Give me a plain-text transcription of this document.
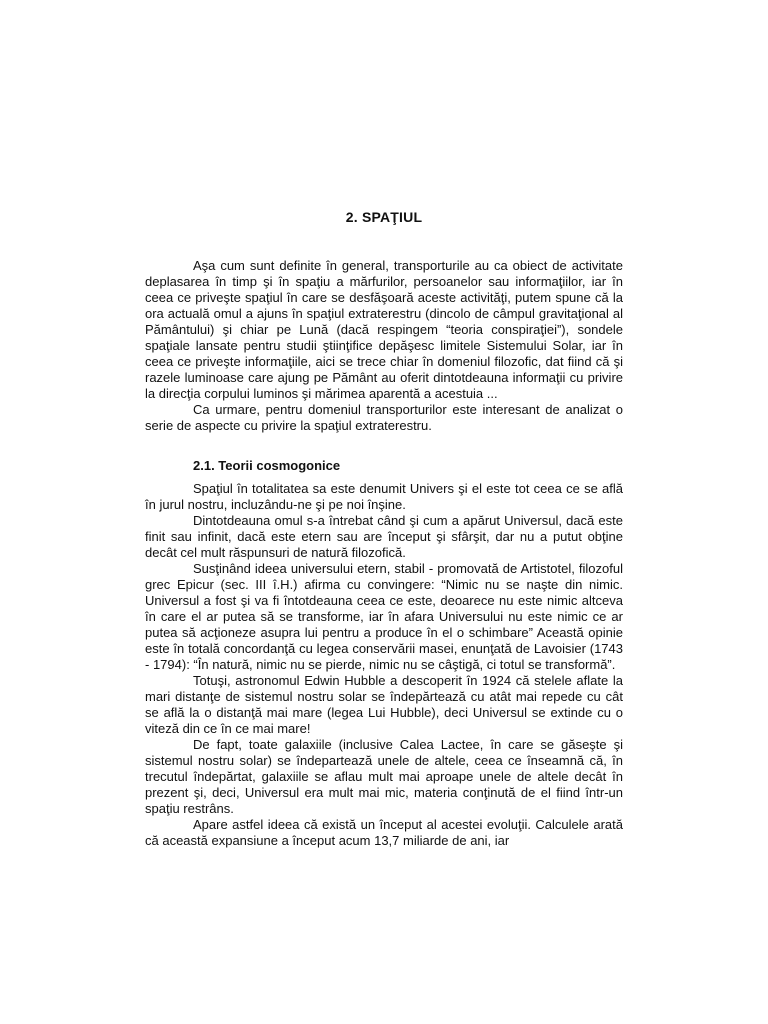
2. SPAŢIUL

Aşa cum sunt definite în general, transporturile au ca obiect de activitate deplasarea în timp şi în spaţiu a mărfurilor, persoanelor sau informaţiilor, iar în ceea ce priveşte spaţiul în care se desfăşoară aceste activităţi, putem spune că la ora actuală omul a ajuns în spaţiul extraterestru (dincolo de câmpul gravitaţional al Pământului) şi chiar pe Lună (dacă respingem “teoria conspiraţiei”), sondele spaţiale lansate pentru studii ştiinţifice depăşesc limitele Sistemului Solar, iar în ceea ce priveşte informaţiile, aici se trece chiar în domeniul filozofic, dat fiind că şi razele luminoase care ajung pe Pământ au oferit dintotdeauna informaţii cu privire la direcţia corpului luminos şi mărimea aparentă a acestuia ...

Ca urmare, pentru domeniul transporturilor este interesant de analizat o serie de aspecte cu privire la spaţiul extraterestru.

2.1. Teorii cosmogonice

Spaţiul în totalitatea sa este denumit Univers şi el este tot ceea ce se află în jurul nostru, incluzându-ne şi pe noi înşine.

Dintotdeauna omul s-a întrebat când şi cum a apărut Universul, dacă este finit sau infinit, dacă este etern sau are început şi sfârşit, dar nu a putut obţine decât cel mult răspunsuri de natură filozofică.

Susţinând ideea universului etern, stabil - promovată de Artistotel, filozoful grec Epicur (sec. III î.H.) afirma cu convingere: “Nimic nu se naşte din nimic. Universul a fost şi va fi întotdeauna ceea ce este, deoarece nu este nimic altceva în care el ar putea să se transforme, iar în afara Universului nu este nimic ce ar putea să acţioneze asupra lui pentru a produce în el o schimbare” Această opinie este în totală concordanţă cu legea conservării masei, enunţată de Lavoisier (1743 - 1794): “În natură, nimic nu se pierde, nimic nu se câştigă, ci totul se transformă”.

Totuşi, astronomul Edwin Hubble a descoperit în 1924 că stelele aflate la mari distanţe de sistemul nostru solar se îndepărtează cu atât mai repede cu cât se află la o distanţă mai mare (legea Lui Hubble), deci Universul se extinde cu o viteză din ce în ce mai mare!

De fapt, toate galaxiile (inclusive Calea Lactee, în care se găseşte şi sistemul nostru solar) se îndepartează unele de altele, ceea ce înseamnă că, în trecutul îndepărtat, galaxiile se aflau mult mai aproape unele de altele decât în prezent şi, deci, Universul era mult mai mic, materia conţinută de el fiind într-un spaţiu restrâns.

Apare astfel ideea că există un început al acestei evoluţii. Calculele arată că această expansiune a început acum 13,7 miliarde de ani, iar
